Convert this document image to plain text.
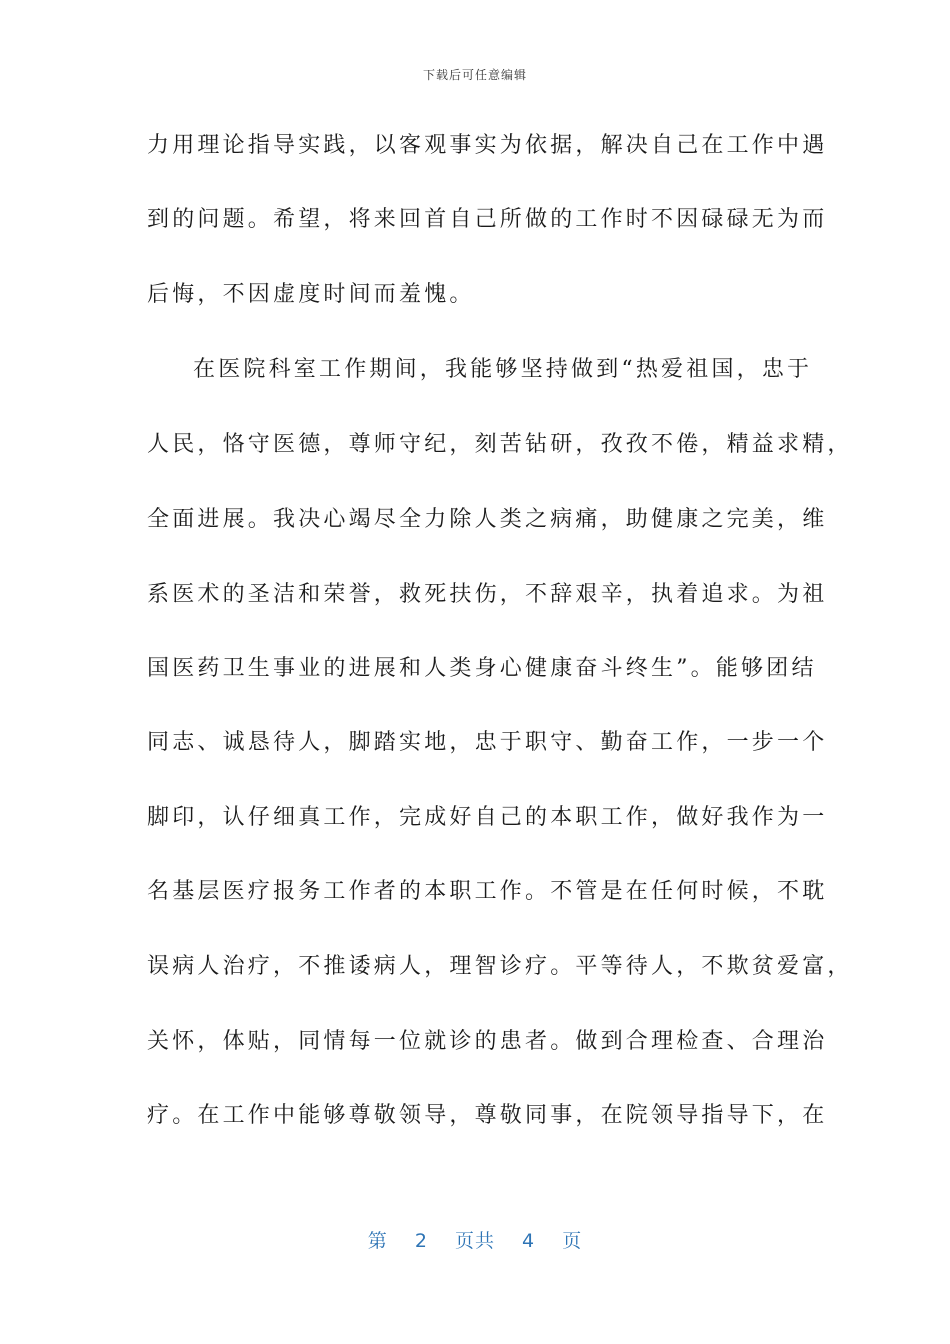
下载后可任意编辑
力用理论指导实践，以客观事实为依据，解决自己在工作中遇
到的问题。希望，将来回首自己所做的工作时不因碌碌无为而
后悔，不因虚度时间而羞愧。
在医院科室工作期间，我能够坚持做到“热爱祖国，忠于
人民，恪守医德，尊师守纪，刻苦钻研，孜孜不倦，精益求精，
全面进展。我决心竭尽全力除人类之病痛，助健康之完美，维
系医术的圣洁和荣誉，救死扶伤，不辞艰辛，执着追求。为祖
国医药卫生事业的进展和人类身心健康奋斗终生”。能够团结
同志、诚恳待人，脚踏实地，忠于职守、勤奋工作，一步一个
脚印，认仔细真工作，完成好自己的本职工作，做好我作为一
名基层医疗报务工作者的本职工作。不管是在任何时候，不耽
误病人治疗，不推诿病人，理智诊疗。平等待人，不欺贫爱富，
关怀，体贴，同情每一位就诊的患者。做到合理检查、合理治
疗。在工作中能够尊敬领导，尊敬同事，在院领导指导下，在
第 2 页共 4 页
